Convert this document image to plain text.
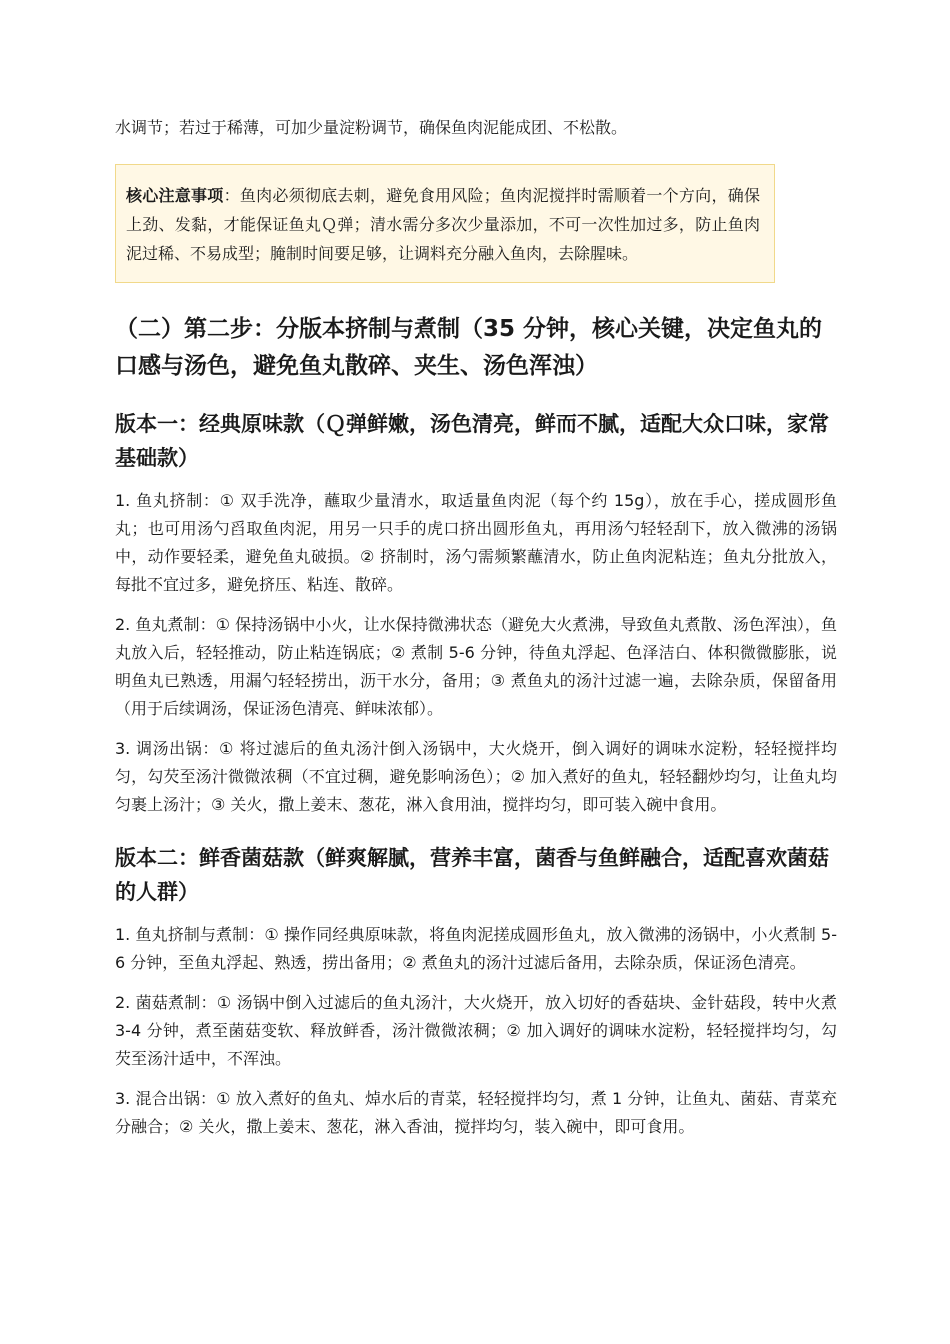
水调节；若过于稀薄，可加少量淀粉调节，确保鱼肉泥能成团、不松散。

核心注意事项：鱼肉必须彻底去刺，避免食用风险；鱼肉泥搅拌时需顺着一个方向，确保上劲、发黏，才能保证鱼丸Ｑ弹；清水需分多次少量添加，不可一次性加过多，防止鱼肉泥过稀、不易成型；腌制时间要足够，让调料充分融入鱼肉，去除腥味。

（二）第二步：分版本挤制与煮制（35 分钟，核心关键，决定鱼丸的口感与汤色，避免鱼丸散碎、夹生、汤色浑浊）
版本一：经典原味款（Ｑ弹鲜嫩，汤色清亮，鲜而不腻，适配大众口味，家常基础款）

1. 鱼丸挤制：① 双手洗净，蘸取少量清水，取适量鱼肉泥（每个约 15g），放在手心，搓成圆形鱼丸；也可用汤勺舀取鱼肉泥，用另一只手的虎口挤出圆形鱼丸，再用汤勺轻轻刮下，放入微沸的汤锅中，动作要轻柔，避免鱼丸破损。② 挤制时，汤勺需频繁蘸清水，防止鱼肉泥粘连；鱼丸分批放入，每批不宜过多，避免挤压、粘连、散碎。

2. 鱼丸煮制：① 保持汤锅中小火，让水保持微沸状态（避免大火煮沸，导致鱼丸煮散、汤色浑浊），鱼丸放入后，轻轻推动，防止粘连锅底；② 煮制 5-6 分钟，待鱼丸浮起、色泽洁白、体积微微膨胀，说明鱼丸已熟透，用漏勺轻轻捞出，沥干水分，备用；③ 煮鱼丸的汤汁过滤一遍，去除杂质，保留备用（用于后续调汤，保证汤色清亮、鲜味浓郁）。

3. 调汤出锅：① 将过滤后的鱼丸汤汁倒入汤锅中，大火烧开，倒入调好的调味水淀粉，轻轻搅拌均匀，勾芡至汤汁微微浓稠（不宜过稠，避免影响汤色）；② 加入煮好的鱼丸，轻轻翻炒均匀，让鱼丸均匀裹上汤汁；③ 关火，撒上姜末、葱花，淋入食用油，搅拌均匀，即可装入碗中食用。

版本二：鲜香菌菇款（鲜爽解腻，营养丰富，菌香与鱼鲜融合，适配喜欢菌菇的人群）

1. 鱼丸挤制与煮制：① 操作同经典原味款，将鱼肉泥搓成圆形鱼丸，放入微沸的汤锅中，小火煮制 5-6 分钟，至鱼丸浮起、熟透，捞出备用；② 煮鱼丸的汤汁过滤后备用，去除杂质，保证汤色清亮。

2. 菌菇煮制：① 汤锅中倒入过滤后的鱼丸汤汁，大火烧开，放入切好的香菇块、金针菇段，转中火煮 3-4 分钟，煮至菌菇变软、释放鲜香，汤汁微微浓稠；② 加入调好的调味水淀粉，轻轻搅拌均匀，勾芡至汤汁适中，不浑浊。

3. 混合出锅：① 放入煮好的鱼丸、焯水后的青菜，轻轻搅拌均匀，煮 1 分钟，让鱼丸、菌菇、青菜充分融合；② 关火，撒上姜末、葱花，淋入香油，搅拌均匀，装入碗中，即可食用。
